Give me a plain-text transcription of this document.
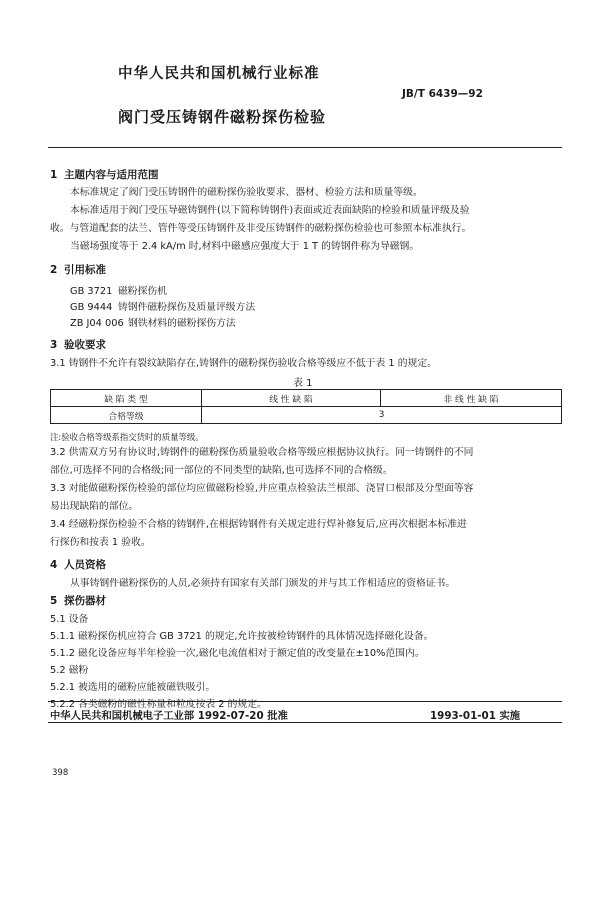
中华人民共和国机械行业标准
JB/T 6439—92
阀门受压铸钢件磁粉探伤检验
1 主题内容与适用范围
本标准规定了阀门受压铸钢件的磁粉探伤验收要求、器材、检验方法和质量等级。
本标准适用于阀门受压导磁铸钢件(以下简称铸钢件)表面或近表面缺陷的检验和质量评级及验
收。与管道配套的法兰、管件等受压铸钢件及非受压铸钢件的磁粉探伤检验也可参照本标准执行。
当磁场强度等于 2.4 kA/m 时,材料中磁感应强度大于 1 T 的铸钢件称为导磁钢。
2 引用标准
GB 3721 磁粉探伤机
GB 9444 铸钢件磁粉探伤及质量评级方法
ZB J04 006 钢铁材料的磁粉探伤方法
3 验收要求
3.1 铸钢件不允许有裂纹缺陷存在,铸钢件的磁粉探伤验收合格等级应不低于表 1 的规定。
表 1
缺 陷 类 型	线 性 缺 陷	非 线 性 缺 陷
合格等级	3	
注:验收合格等级系指交货时的质量等级。
3.2 供需双方另有协议时,铸钢件的磁粉探伤质量验收合格等级应根据协议执行。同一铸钢件的不同
部位,可选择不同的合格级;同一部位的不同类型的缺陷,也可选择不同的合格级。
3.3 对能做磁粉探伤检验的部位均应做磁粉检验,并应重点检验法兰根部、浇冒口根部及分型面等容
易出现缺陷的部位。
3.4 经磁粉探伤检验不合格的铸钢件,在根据铸钢件有关规定进行焊补修复后,应再次根据本标准进
行探伤和按表 1 验收。
4 人员资格
从事铸钢件磁粉探伤的人员,必须持有国家有关部门颁发的并与其工作相适应的资格证书。
5 探伤器材
5.1 设备
5.1.1 磁粉探伤机应符合 GB 3721 的规定,允许按被检铸钢件的具体情况选择磁化设备。
5.1.2 磁化设备应每半年检验一次,磁化电流值相对于额定值的改变量在±10%范围内。
5.2 磁粉
5.2.1 被选用的磁粉应能被磁铁吸引。
中华人民共和国机械电子工业部 1992-07-20 批准	1993-01-01 实施
398
5.2.2 各类磁粉的磁性称量和粒度按表 2 的规定。
